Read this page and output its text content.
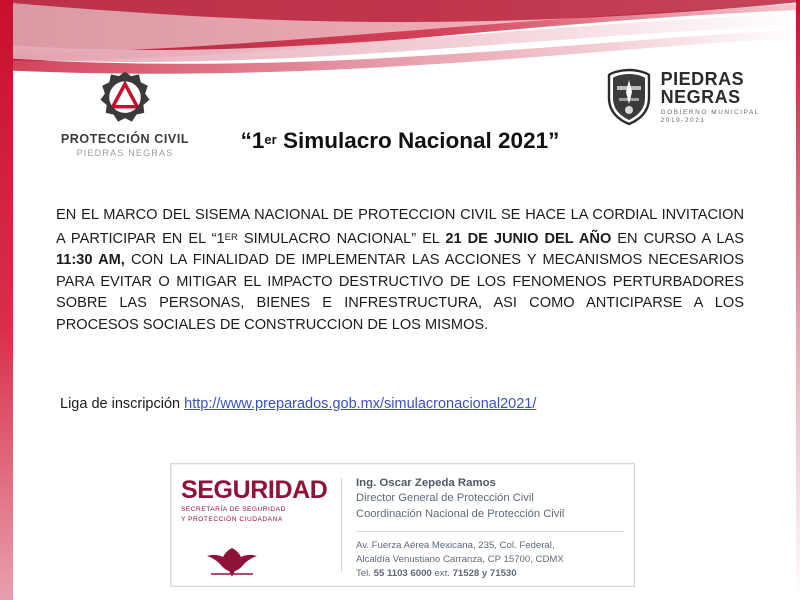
PROTECCIÓN CIVIL
PIEDRAS NEGRAS
PIEDRAS
NEGRAS
GOBIERNO MUNICIPAL
2019-2021
“1er Simulacro Nacional 2021”
EN EL MARCO DEL SISEMA NACIONAL DE PROTECCION CIVIL SE HACE LA CORDIAL INVITACION A PARTICIPAR EN EL “1ER SIMULACRO NACIONAL” EL 21 DE JUNIO DEL AÑO EN CURSO A LAS 11:30 AM, CON LA FINALIDAD DE IMPLEMENTAR LAS ACCIONES Y MECANISMOS NECESARIOS PARA EVITAR O MITIGAR EL IMPACTO DESTRUCTIVO DE LOS FENOMENOS PERTURBADORES SOBRE LAS PERSONAS, BIENES E INFRESTRUCTURA, ASI COMO ANTICIPARSE A LOS PROCESOS SOCIALES DE CONSTRUCCION DE LOS MISMOS.
Liga de inscripción http://www.preparados.gob.mx/simulacronacional2021/
SEGURIDAD
SECRETARÍA DE SEGURIDAD
Y PROTECCIÓN CIUDADANA
Ing. Oscar Zepeda Ramos
Director General de Protección Civil
Coordinación Nacional de Protección Civil
Av. Fuerza Aérea Mexicana, 235, Col. Federal,
Alcaldía Venustiano Carranza, CP 15700, CDMX
Tel. 55 1103 6000 ext. 71528 y 71530
